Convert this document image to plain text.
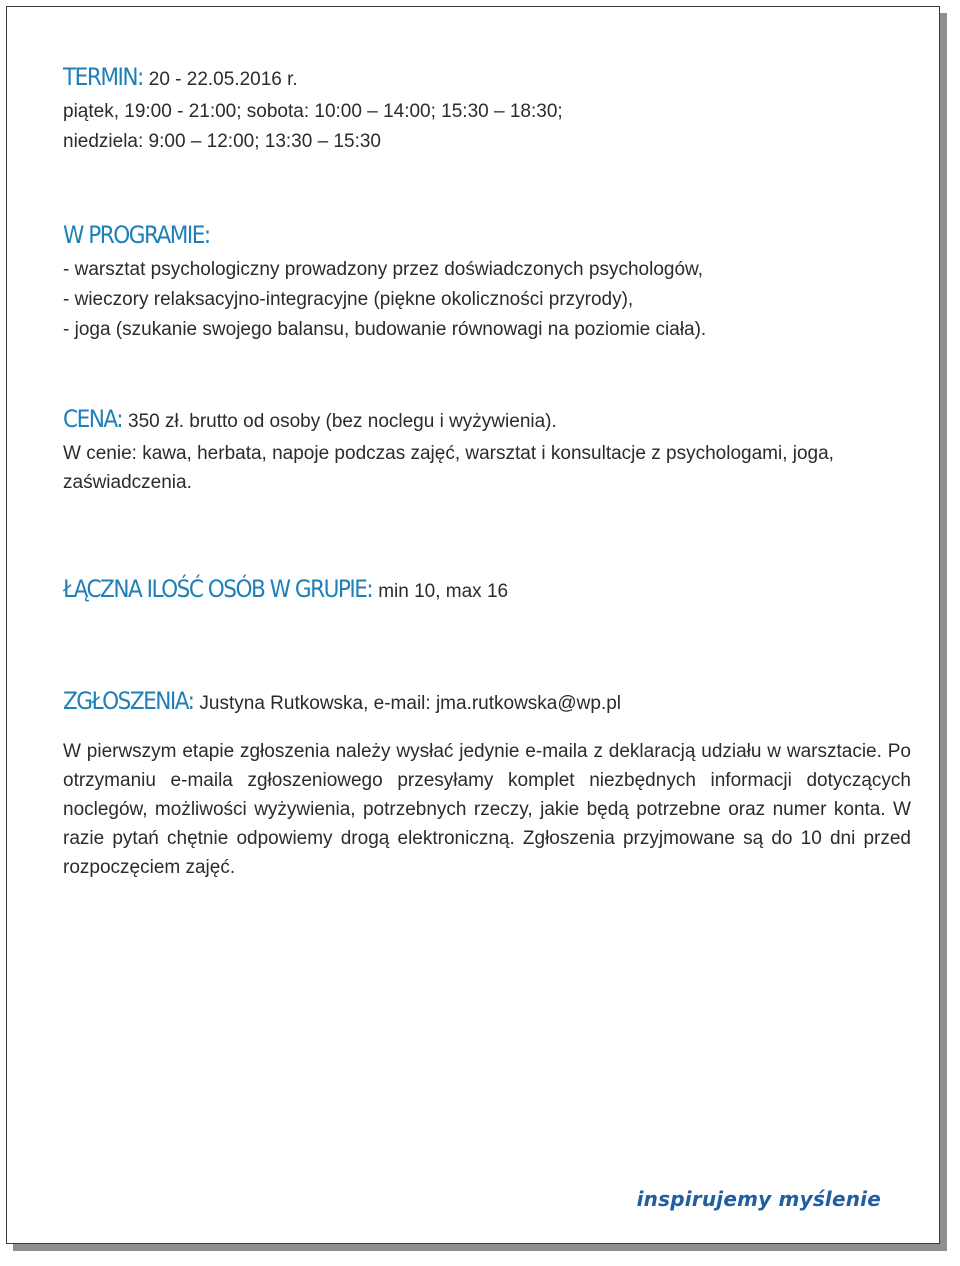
TERMIN: 20 - 22.05.2016 r.
piątek, 19:00 - 21:00; sobota: 10:00 – 14:00; 15:30 – 18:30;
niedziela: 9:00 – 12:00; 13:30 – 15:30
W PROGRAMIE:
- warsztat psychologiczny prowadzony przez doświadczonych psychologów,
- wieczory relaksacyjno-integracyjne (piękne okoliczności przyrody),
- joga (szukanie swojego balansu, budowanie równowagi na poziomie ciała).
CENA: 350 zł. brutto od osoby (bez noclegu i wyżywienia).
W cenie: kawa, herbata, napoje podczas zajęć, warsztat i konsultacje z psychologami, joga, zaświadczenia.
ŁĄCZNA ILOŚĆ OSÓB W GRUPIE: min 10, max 16
ZGŁOSZENIA: Justyna Rutkowska, e-mail: jma.rutkowska@wp.pl
W pierwszym etapie zgłoszenia należy wysłać jedynie e-maila z deklaracją udziału w warsztacie. Po otrzymaniu e-maila zgłoszeniowego przesyłamy komplet niezbędnych informacji dotyczących noclegów, możliwości wyżywienia, potrzebnych rzeczy, jakie będą potrzebne oraz numer konta. W razie pytań chętnie odpowiemy drogą elektroniczną. Zgłoszenia przyjmowane są do 10 dni przed rozpoczęciem zajęć.
inspirujemy myślenie
